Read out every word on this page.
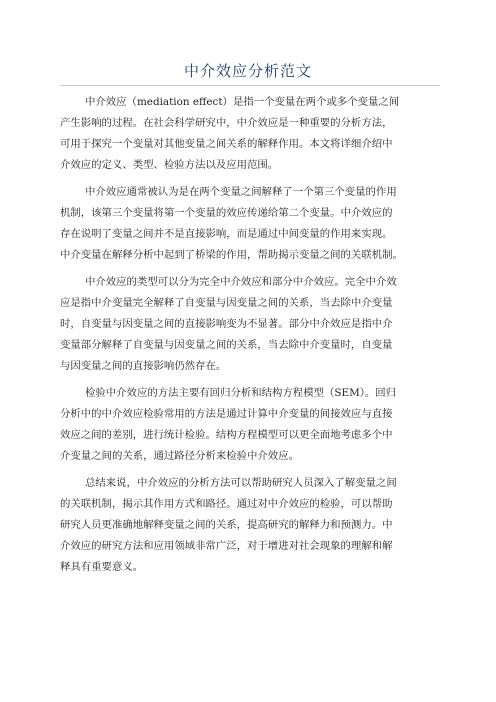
中介效应分析范文
中介效应（mediation effect）是指一个变量在两个或多个变量之间
产生影响的过程。在社会科学研究中，中介效应是一种重要的分析方法，
可用于探究一个变量对其他变量之间关系的解释作用。本文将详细介绍中
介效应的定义、类型、检验方法以及应用范围。
中介效应通常被认为是在两个变量之间解释了一个第三个变量的作用
机制，该第三个变量将第一个变量的效应传递给第二个变量。中介效应的
存在说明了变量之间并不是直接影响，而是通过中间变量的作用来实现。
中介变量在解释分析中起到了桥梁的作用，帮助揭示变量之间的关联机制。
中介效应的类型可以分为完全中介效应和部分中介效应。完全中介效
应是指中介变量完全解释了自变量与因变量之间的关系，当去除中介变量
时，自变量与因变量之间的直接影响变为不显著。部分中介效应是指中介
变量部分解释了自变量与因变量之间的关系，当去除中介变量时，自变量
与因变量之间的直接影响仍然存在。
检验中介效应的方法主要有回归分析和结构方程模型（SEM）。回归
分析中的中介效应检验常用的方法是通过计算中介变量的间接效应与直接
效应之间的差别，进行统计检验。结构方程模型可以更全面地考虑多个中
介变量之间的关系，通过路径分析来检验中介效应。
总结来说，中介效应的分析方法可以帮助研究人员深入了解变量之间
的关联机制，揭示其作用方式和路径。通过对中介效应的检验，可以帮助
研究人员更准确地解释变量之间的关系，提高研究的解释力和预测力。中
介效应的研究方法和应用领域非常广泛，对于增进对社会现象的理解和解
释具有重要意义。
